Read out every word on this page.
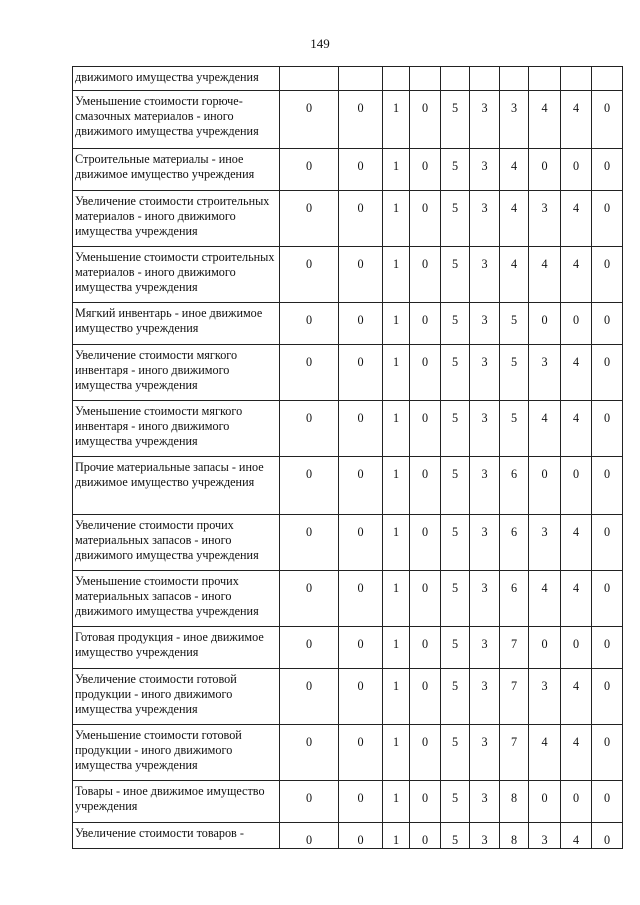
149
движимого имущества учреждения										
Уменьшение стоимости горюче-смазочных материалов - иного движимого имущества учреждения	0	0	1	0	5	3	3	4	4	0
Строительные материалы - иное движимое имущество учреждения	0	0	1	0	5	3	4	0	0	0
Увеличение стоимости строительных материалов - иного движимого имущества учреждения	0	0	1	0	5	3	4	3	4	0
Уменьшение стоимости строительных материалов - иного движимого имущества учреждения	0	0	1	0	5	3	4	4	4	0
Мягкий инвентарь - иное движимое имущество учреждения	0	0	1	0	5	3	5	0	0	0
Увеличение стоимости мягкого инвентаря - иного движимого имущества учреждения	0	0	1	0	5	3	5	3	4	0
Уменьшение стоимости мягкого инвентаря - иного движимого имущества учреждения	0	0	1	0	5	3	5	4	4	0
Прочие материальные запасы - иное движимое имущество учреждения	0	0	1	0	5	3	6	0	0	0
Увеличение стоимости прочих материальных запасов - иного движимого имущества учреждения	0	0	1	0	5	3	6	3	4	0
Уменьшение стоимости прочих материальных запасов - иного движимого имущества учреждения	0	0	1	0	5	3	6	4	4	0
Готовая продукция - иное движимое имущество учреждения	0	0	1	0	5	3	7	0	0	0
Увеличение стоимости готовой продукции - иного движимого имущества учреждения	0	0	1	0	5	3	7	3	4	0
Уменьшение стоимости готовой продукции - иного движимого имущества учреждения	0	0	1	0	5	3	7	4	4	0
Товары - иное движимое имущество учреждения	0	0	1	0	5	3	8	0	0	0
Увеличение стоимости товаров -	0	0	1	0	5	3	8	3	4	0
